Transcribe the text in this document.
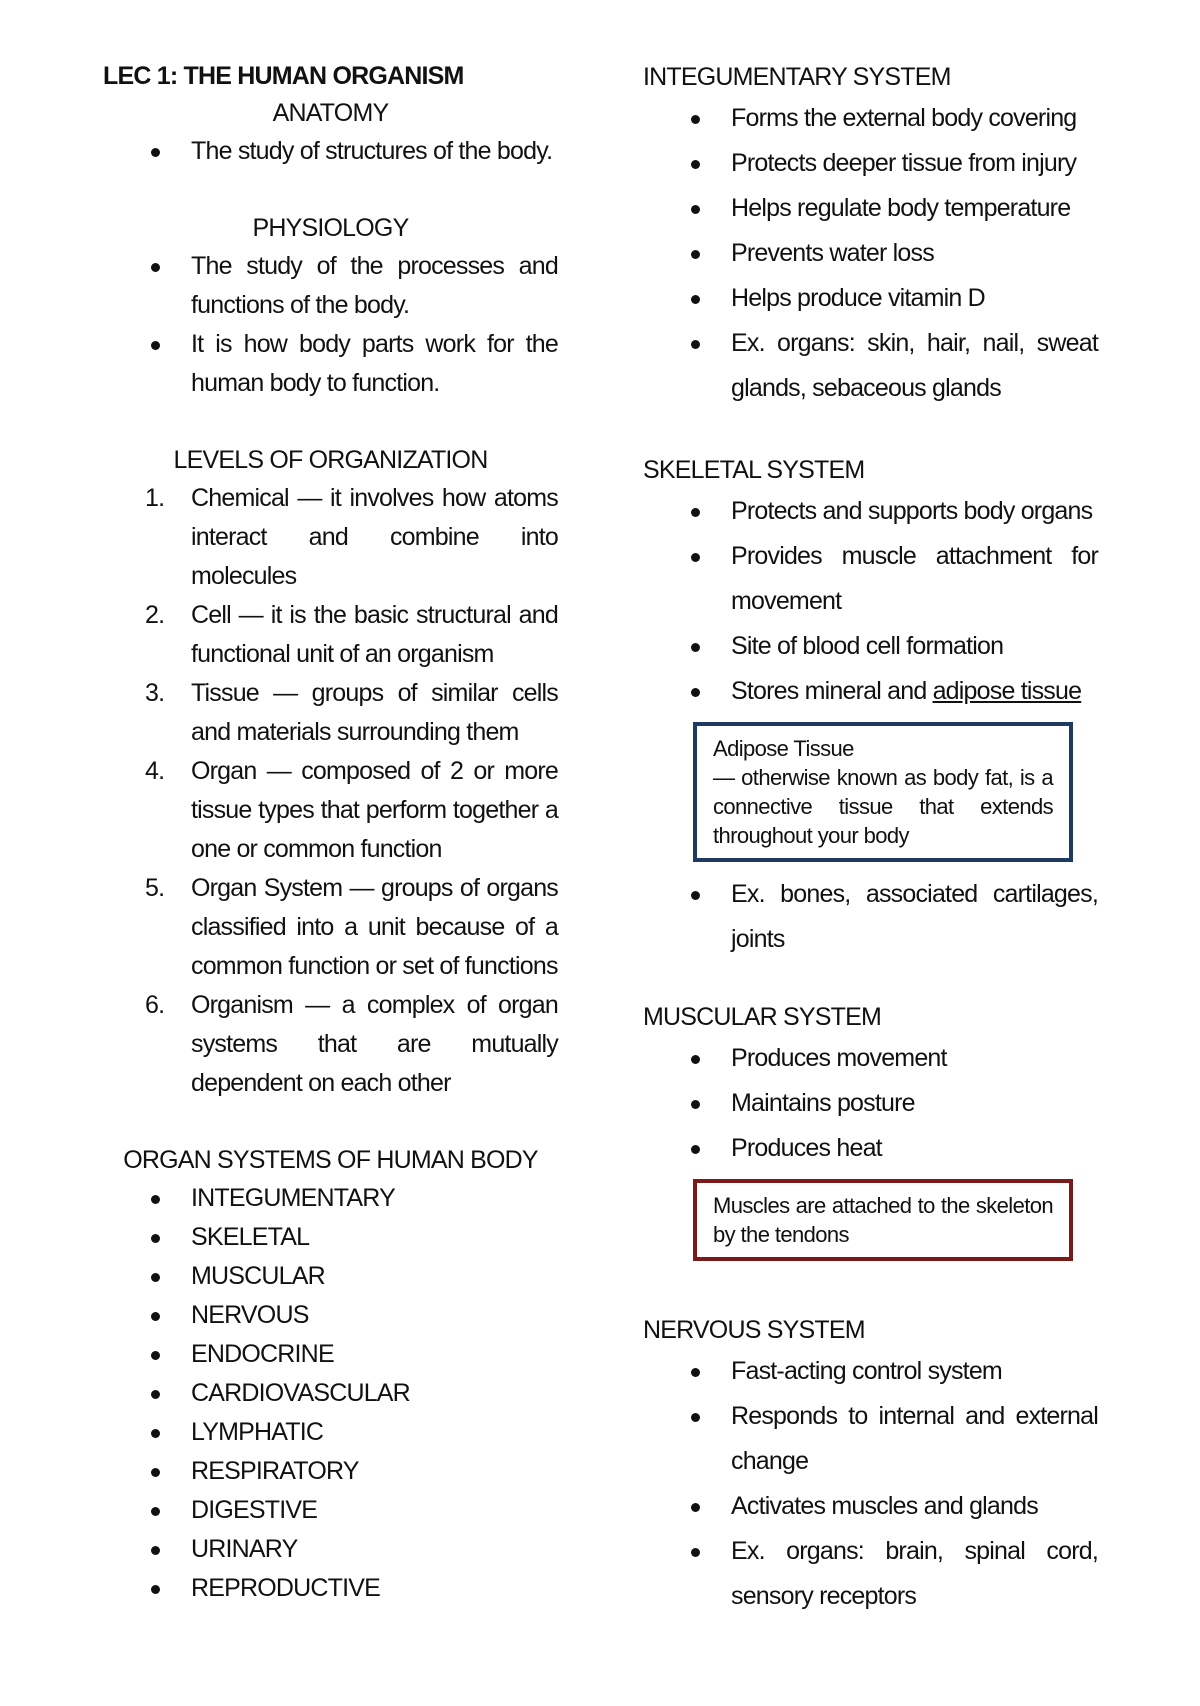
LEC 1: THE HUMAN ORGANISM

ANATOMY

The study of structures of the body.

PHYSIOLOGY

The study of the processes and functions of the body.
It is how body parts work for the human body to function.

LEVELS OF ORGANIZATION

1. Chemical — it involves how atoms interact and combine into molecules
2. Cell — it is the basic structural and functional unit of an organism
3. Tissue — groups of similar cells and materials surrounding them
4. Organ — composed of 2 or more tissue types that perform together a one or common function
5. Organ System — groups of organs classified into a unit because of a common function or set of functions
6. Organism — a complex of organ systems that are mutually dependent on each other

ORGAN SYSTEMS OF HUMAN BODY

INTEGUMENTARY
SKELETAL
MUSCULAR
NERVOUS
ENDOCRINE
CARDIOVASCULAR
LYMPHATIC
RESPIRATORY
DIGESTIVE
URINARY
REPRODUCTIVE

INTEGUMENTARY SYSTEM

Forms the external body covering
Protects deeper tissue from injury
Helps regulate body temperature
Prevents water loss
Helps produce vitamin D
Ex. organs: skin, hair, nail, sweat glands, sebaceous glands

SKELETAL SYSTEM

Protects and supports body organs
Provides muscle attachment for movement
Site of blood cell formation
Stores mineral and adipose tissue
Adipose Tissue
— otherwise known as body fat, is a connective tissue that extends throughout your body
Ex. bones, associated cartilages, joints

MUSCULAR SYSTEM

Produces movement
Maintains posture
Produces heat
Muscles are attached to the skeleton by the tendons

NERVOUS SYSTEM

Fast-acting control system
Responds to internal and external change
Activates muscles and glands
Ex. organs: brain, spinal cord, sensory receptors
